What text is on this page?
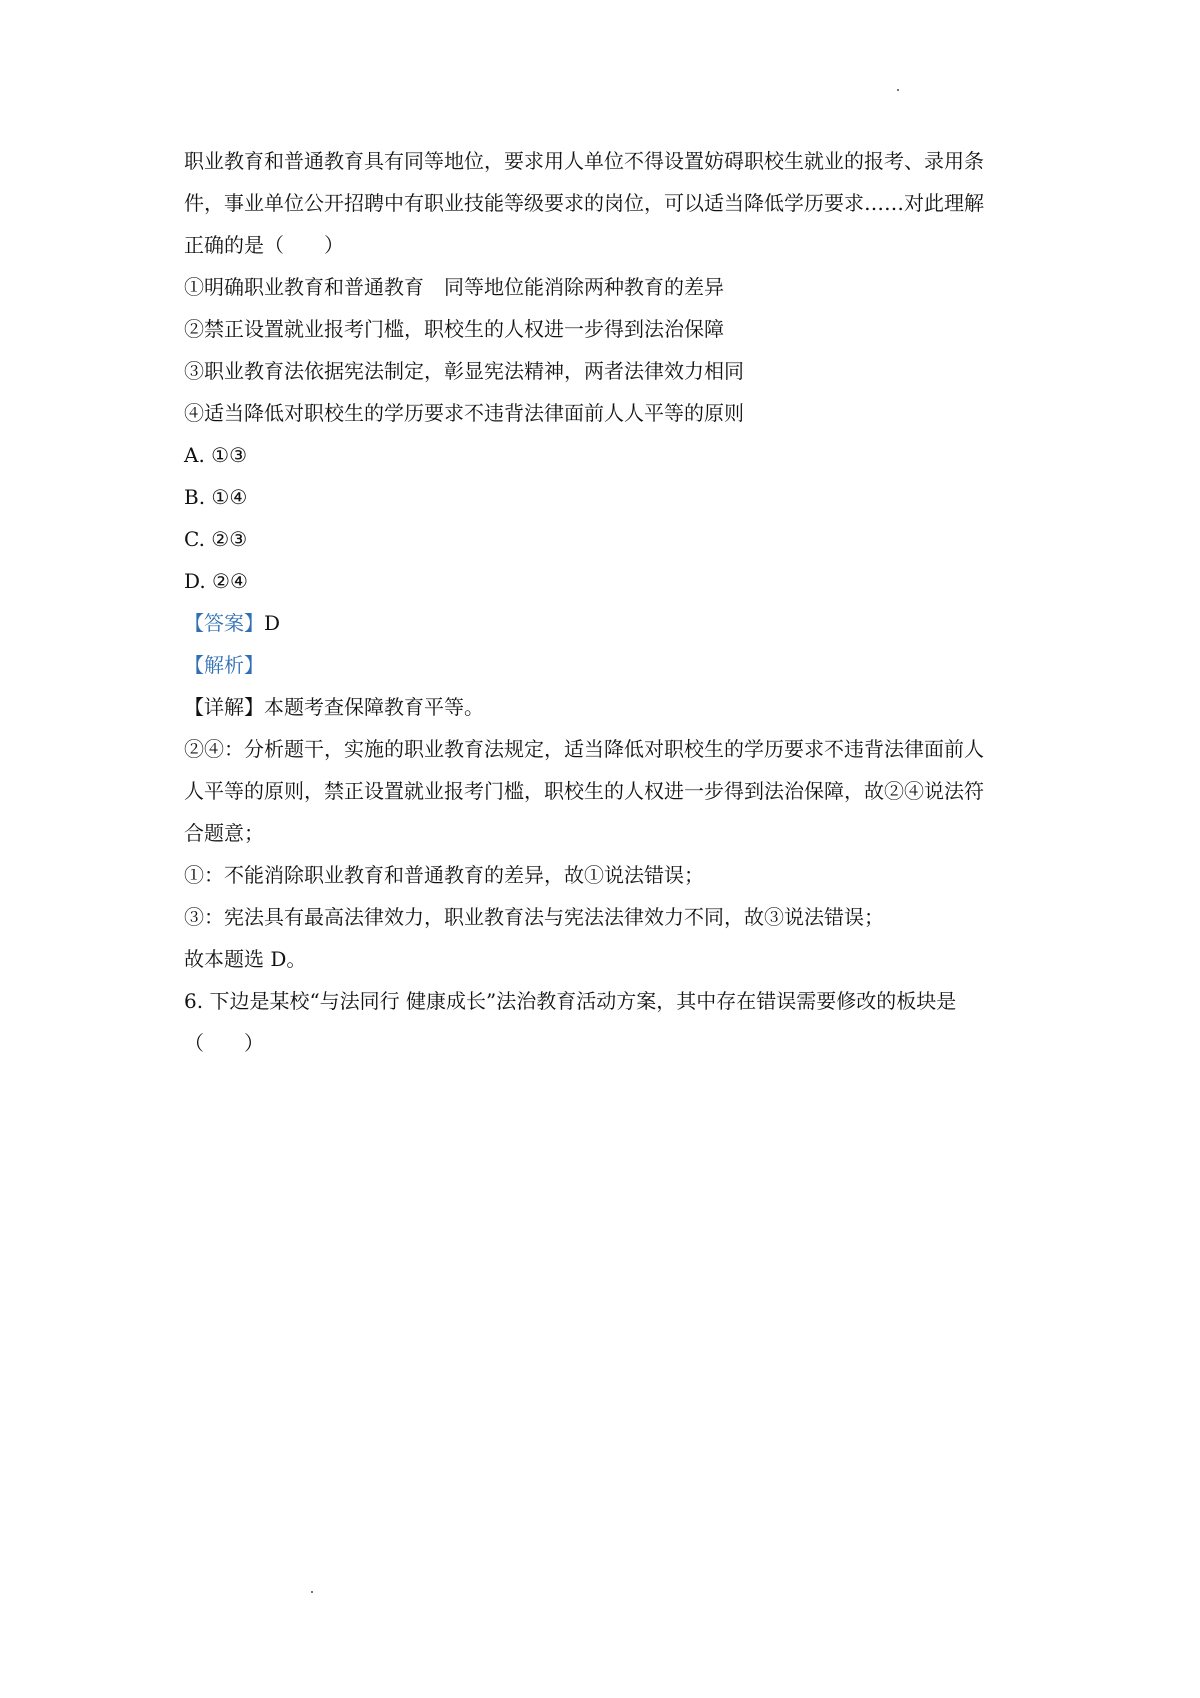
职业教育和普通教育具有同等地位，要求用人单位不得设置妨碍职校生就业的报考、录用条
件，事业单位公开招聘中有职业技能等级要求的岗位，可以适当降低学历要求……对此理解
正确的是（　　）
①明确职业教育和普通教育　同等地位能消除两种教育的差异
②禁正设置就业报考门槛，职校生的人权进一步得到法治保障
③职业教育法依据宪法制定，彰显宪法精神，两者法律效力相同
④适当降低对职校生的学历要求不违背法律面前人人平等的原则
A. ①③
B. ①④
C. ②③
D. ②④
【答案】D
【解析】
【详解】本题考查保障教育平等。
②④：分析题干，实施的职业教育法规定，适当降低对职校生的学历要求不违背法律面前人
人平等的原则，禁正设置就业报考门槛，职校生的人权进一步得到法治保障，故②④说法符
合题意；
①：不能消除职业教育和普通教育的差异，故①说法错误；
③：宪法具有最高法律效力，职业教育法与宪法法律效力不同，故③说法错误；
故本题选 D。
6. 下边是某校“与法同行 健康成长”法治教育活动方案，其中存在错误需要修改的板块是
（　　）
